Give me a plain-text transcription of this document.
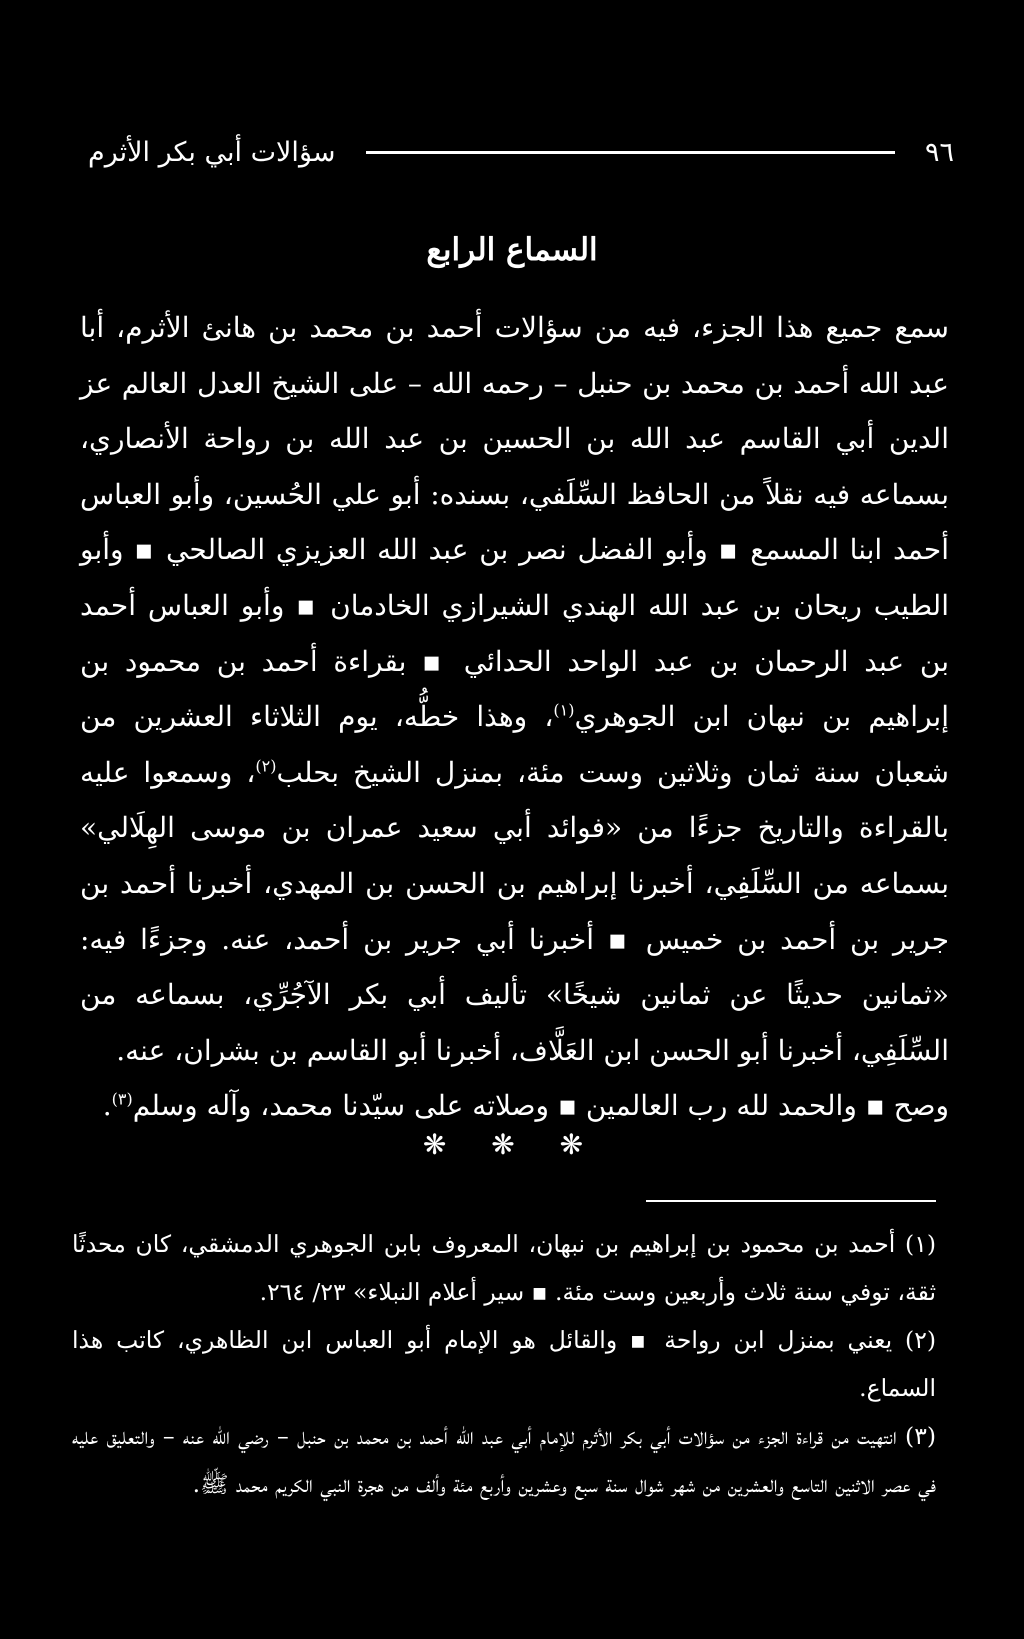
٩٦
سؤالات أبي بكر الأثرم
السماع الرابع

سمع جميع هذا الجزء، فيه من سؤالات أحمد بن محمد بن هانئ الأثرم، أبا عبد الله أحمد بن محمد بن حنبل – رحمه الله – على الشيخ العدل العالم عز الدين أبي القاسم عبد الله بن الحسين بن عبد الله بن رواحة الأنصاري، بسماعه فيه نقلاً من الحافظ السِّلَفي، بسنده: أبو علي الحُسين، وأبو العباس أحمد ابنا المسمع ▪ وأبو الفضل نصر بن عبد الله العزيزي الصالحي ▪ وأبو الطيب ريحان بن عبد الله الهندي الشيرازي الخادمان ▪ وأبو العباس أحمد بن عبد الرحمان بن عبد الواحد الحدائي ▪ بقراءة أحمد بن محمود بن إبراهيم بن نبهان ابن الجوهري$^{(١)}$، وهذا خطُّه، يوم الثلاثاء العشرين من شعبان سنة ثمان وثلاثين وست مئة، بمنزل الشيخ بحلب$^{(٢)}$، وسمعوا عليه بالقراءة والتاريخ جزءًا من «فوائد أبي سعيد عمران بن موسى الهِلَالي» بسماعه من السِّلَفِي، أخبرنا إبراهيم بن الحسن بن المهدي، أخبرنا أحمد بن جرير بن أحمد بن خميس ▪ أخبرنا أبي جرير بن أحمد، عنه. وجزءًا فيه: «ثمانين حديثًا عن ثمانين شيخًا» تأليف أبي بكر الآجُرِّي، بسماعه من السِّلَفِي، أخبرنا أبو الحسن ابن العَلَّاف، أخبرنا أبو القاسم بن بشران، عنه.

وصح ▪ والحمد لله رب العالمين ▪ وصلاته على سيّدنا محمد، وآله وسلم$^{(٣)}$.

❋ ❋ ❋

(١) أحمد بن محمود بن إبراهيم بن نبهان، المعروف بابن الجوهري الدمشقي، كان محدثًا ثقة، توفي سنة ثلاث وأربعين وست مئة. ▪ سير أعلام النبلاء» ٢٣/ ٢٦٤.

(٢) يعني بمنزل ابن رواحة ▪ والقائل هو الإمام أبو العباس ابن الظاهري، كاتب هذا السماع.

(٣) انتهيت من قراءة الجزء من سؤالات أبي بكر الأثرم للإمام أبي عبد الله أحمد بن محمد بن حنبل – رضي الله عنه – والتعليق عليه في عصر الاثنين التاسع والعشرين من شهر شوال سنة سبع وعشرين وأربع مئة وألف من هجرة النبي الكريم محمد ﷺ.
